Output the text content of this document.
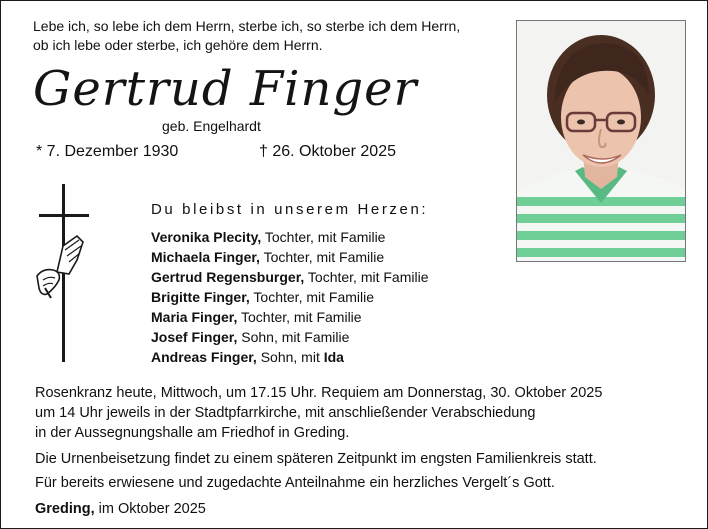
Lebe ich, so lebe ich dem Herrn, sterbe ich, so sterbe ich dem Herrn,
ob ich lebe oder sterbe, ich gehöre dem Herrn.
Gertrud Finger
geb. Engelhardt
* 7. Dezember 1930	† 26. Oktober 2025
Du bleibst in unserem Herzen:
Veronika Plecity, Tochter, mit Familie
Michaela Finger, Tochter, mit Familie
Gertrud Regensburger, Tochter, mit Familie
Brigitte Finger, Tochter, mit Familie
Maria Finger, Tochter, mit Familie
Josef Finger, Sohn, mit Familie
Andreas Finger, Sohn, mit Ida
Rosenkranz heute, Mittwoch, um 17.15 Uhr. Requiem am Donnerstag, 30. Oktober 2025
um 14 Uhr jeweils in der Stadtpfarrkirche, mit anschließender Verabschiedung
in der Aussegnungshalle am Friedhof in Greding.
Die Urnenbeisetzung findet zu einem späteren Zeitpunkt im engsten Familienkreis statt.
Für bereits erwiesene und zugedachte Anteilnahme ein herzliches Vergelt´s Gott.
Greding, im Oktober 2025
